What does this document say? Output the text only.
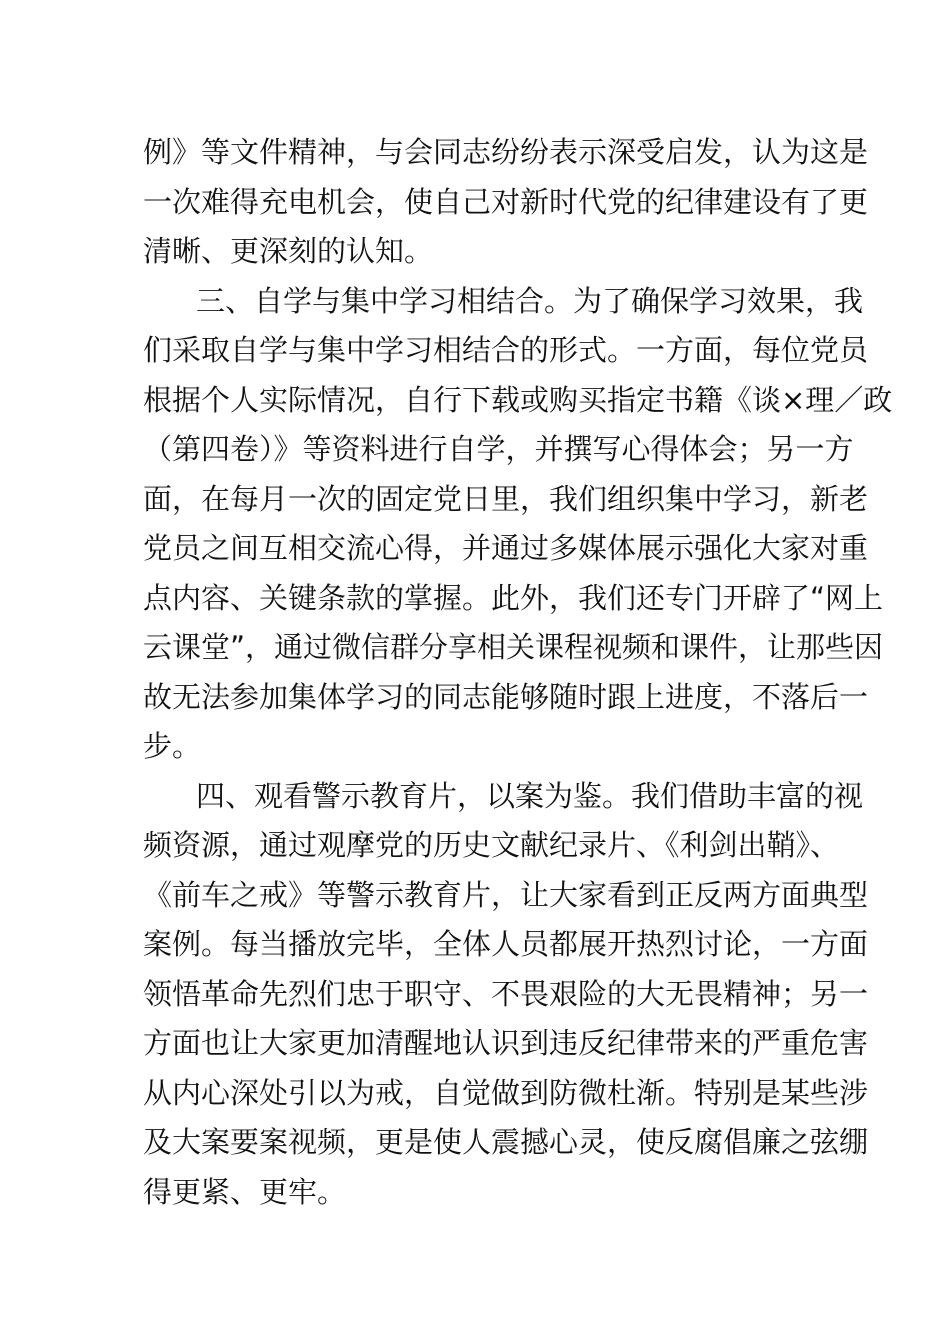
例》等文件精神，与会同志纷纷表示深受启发，认为这是
一次难得充电机会，使自己对新时代党的纪律建设有了更
清晰、更深刻的认知。
三、自学与集中学习相结合。为了确保学习效果，我
们采取自学与集中学习相结合的形式。一方面，每位党员
根据个人实际情况，自行下载或购买指定书籍《谈×理／政
（第四卷）》等资料进行自学，并撰写心得体会；另一方
面，在每月一次的固定党日里，我们组织集中学习，新老
党员之间互相交流心得，并通过多媒体展示强化大家对重
点内容、关键条款的掌握。此外，我们还专门开辟了“网上
云课堂”，通过微信群分享相关课程视频和课件，让那些因
故无法参加集体学习的同志能够随时跟上进度，不落后一
步。
四、观看警示教育片，以案为鉴。我们借助丰富的视
频资源，通过观摩党的历史文献纪录片、《利剑出鞘》、
《前车之戒》等警示教育片，让大家看到正反两方面典型
案例。每当播放完毕，全体人员都展开热烈讨论，一方面
领悟革命先烈们忠于职守、不畏艰险的大无畏精神；另一
方面也让大家更加清醒地认识到违反纪律带来的严重危害
从内心深处引以为戒，自觉做到防微杜渐。特别是某些涉
及大案要案视频，更是使人震撼心灵，使反腐倡廉之弦绷
得更紧、更牢。
